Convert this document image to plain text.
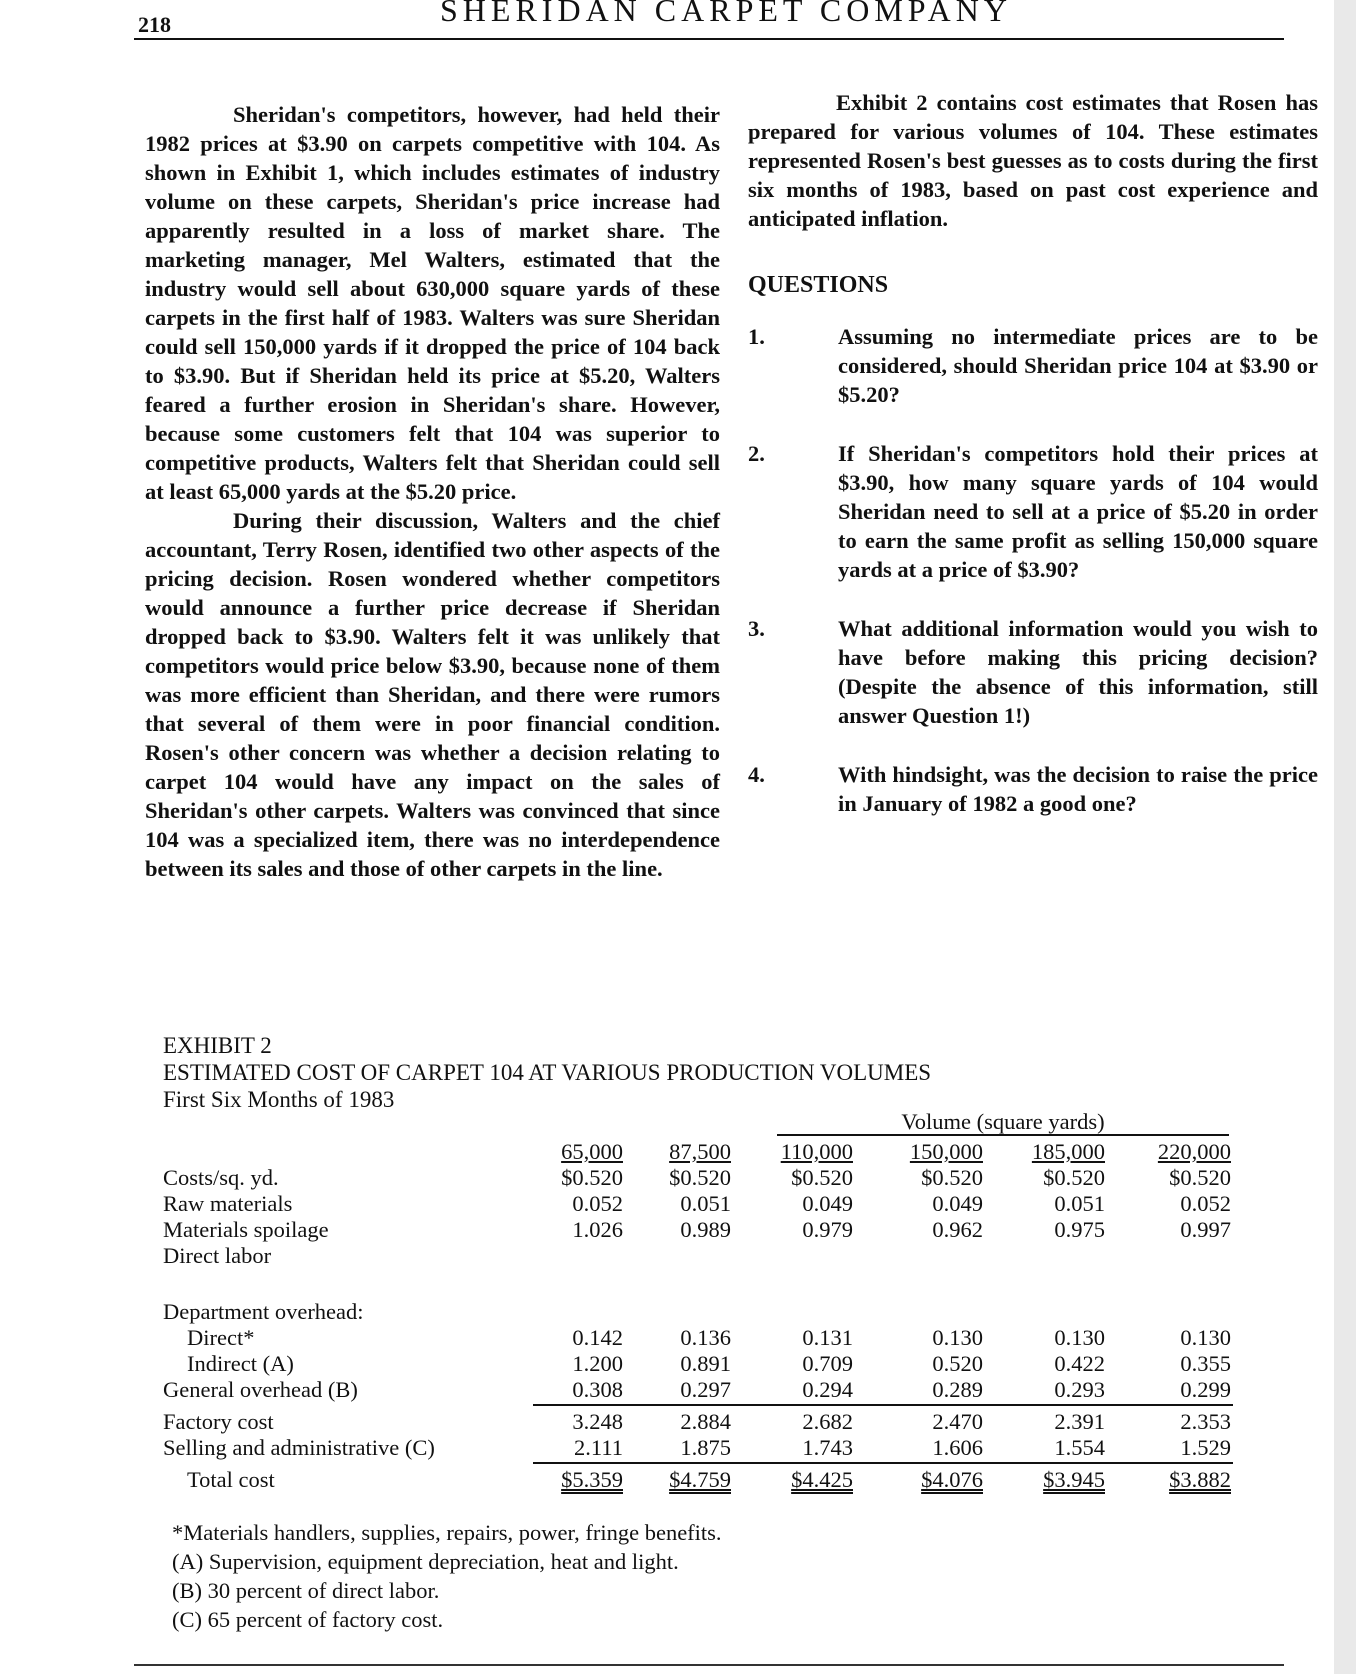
218	SHERIDAN CARPET COMPANY

Sheridan's competitors, however, had held their 1982 prices at $3.90 on carpets competitive with 104. As shown in Exhibit 1, which includes estimates of industry volume on these carpets, Sheridan's price increase had apparently resulted in a loss of market share. The marketing manager, Mel Walters, estimated that the industry would sell about 630,000 square yards of these carpets in the first half of 1983. Walters was sure Sheridan could sell 150,000 yards if it dropped the price of 104 back to $3.90. But if Sheridan held its price at $5.20, Walters feared a further erosion in Sheridan's share. However, because some customers felt that 104 was superior to competitive products, Walters felt that Sheridan could sell at least 65,000 yards at the $5.20 price.

During their discussion, Walters and the chief accountant, Terry Rosen, identified two other aspects of the pricing decision. Rosen wondered whether competitors would announce a further price decrease if Sheridan dropped back to $3.90. Walters felt it was unlikely that competitors would price below $3.90, because none of them was more efficient than Sheridan, and there were rumors that several of them were in poor financial condition. Rosen's other concern was whether a decision relating to carpet 104 would have any impact on the sales of Sheridan's other carpets. Walters was convinced that since 104 was a specialized item, there was no interdependence between its sales and those of other carpets in the line.

Exhibit 2 contains cost estimates that Rosen has prepared for various volumes of 104. These estimates represented Rosen's best guesses as to costs during the first six months of 1983, based on past cost experience and anticipated inflation.

QUESTIONS

1.	Assuming no intermediate prices are to be considered, should Sheridan price 104 at $3.90 or $5.20?
2.	If Sheridan's competitors hold their prices at $3.90, how many square yards of 104 would Sheridan need to sell at a price of $5.20 in order to earn the same profit as selling 150,000 square yards at a price of $3.90?
3.	What additional information would you wish to have before making this pricing decision? (Despite the absence of this information, still answer Question 1!)
4.	With hindsight, was the decision to raise the price in January of 1982 a good one?
EXHIBIT 2
ESTIMATED COST OF CARPET 104 AT VARIOUS PRODUCTION VOLUMES
First Six Months of 1983
Volume (square yards)
65,000	87,500	110,000	150,000	185,000	220,000
Costs/sq. yd.	$0.520	$0.520	$0.520	$0.520	$0.520	$0.520
Raw materials	0.052	0.051	0.049	0.049	0.051	0.052
Materials spoilage	1.026	0.989	0.979	0.962	0.975	0.997
Direct labor
Department overhead:
Direct*	0.142	0.136	0.131	0.130	0.130	0.130
Indirect (A)	1.200	0.891	0.709	0.520	0.422	0.355
General overhead (B)	0.308	0.297	0.294	0.289	0.293	0.299
Factory cost	3.248	2.884	2.682	2.470	2.391	2.353
Selling and administrative (C)	2.111	1.875	1.743	1.606	1.554	1.529
Total cost	$5.359	$4.759	$4.425	$4.076	$3.945	$3.882
*Materials handlers, supplies, repairs, power, fringe benefits.
(A) Supervision, equipment depreciation, heat and light.
(B) 30 percent of direct labor.
(C) 65 percent of factory cost.
